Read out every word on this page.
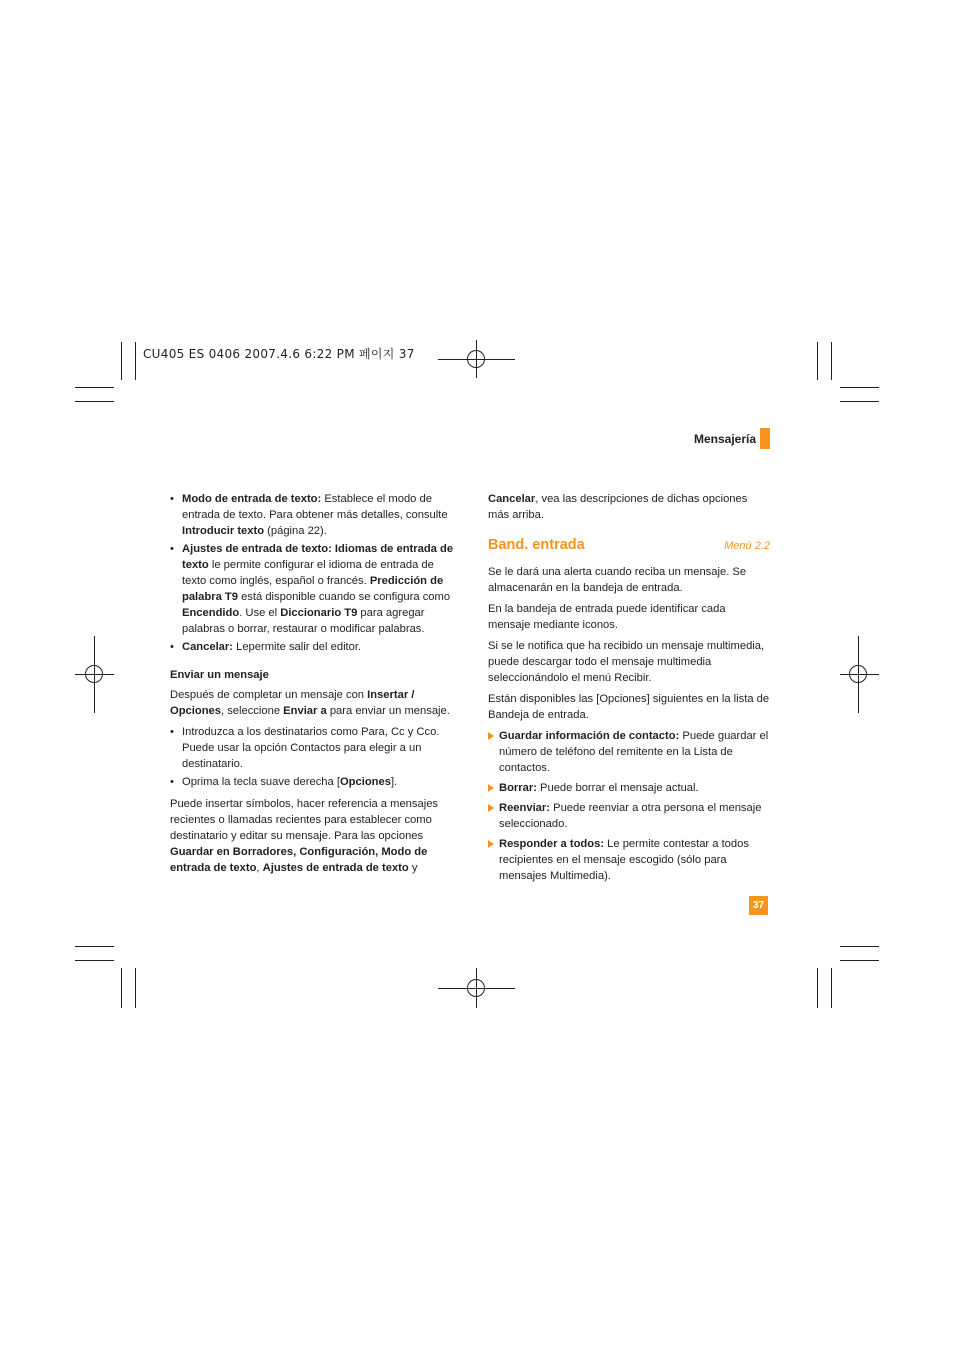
CU405 ES 0406 2007.4.6 6:22 PM 페이지 37
Mensajería
• Modo de entrada de texto: Establece el modo de entrada de texto. Para obtener más detalles, consulte Introducir texto (página 22).
• Ajustes de entrada de texto: Idiomas de entrada de texto le permite configurar el idioma de entrada de texto como inglés, español o francés. Predicción de palabra T9 está disponible cuando se configura como Encendido. Use el Diccionario T9 para agregar palabras o borrar, restaurar o modificar palabras.
• Cancelar: Lepermite salir del editor.
Enviar un mensaje

Después de completar un mensaje con Insertar / Opciones, seleccione Enviar a para enviar un mensaje.

• Introduzca a los destinatarios como Para, Cc y Cco. Puede usar la opción Contactos para elegir a un destinatario.
• Oprima la tecla suave derecha [Opciones].

Puede insertar símbolos, hacer referencia a mensajes recientes o llamadas recientes para establecer como destinatario y editar su mensaje. Para las opciones Guardar en Borradores, Configuración, Modo de entrada de texto, Ajustes de entrada de texto y

Cancelar, vea las descripciones de dichas opciones más arriba.

Band. entrada	Menú 2.2

Se le dará una alerta cuando reciba un mensaje. Se almacenarán en la bandeja de entrada.

En la bandeja de entrada puede identificar cada mensaje mediante iconos.

Si se le notifica que ha recibido un mensaje multimedia, puede descargar todo el mensaje multimedia seleccionándolo el menú Recibir.

Están disponibles las [Opciones] siguientes en la lista de Bandeja de entrada.

Guardar información de contacto: Puede guardar el número de teléfono del remitente en la Lista de contactos.
Borrar: Puede borrar el mensaje actual.
Reenviar: Puede reenviar a otra persona el mensaje seleccionado.
Responder a todos: Le permite contestar a todos recipientes en el mensaje escogido (sólo para mensajes Multimedia).
37
